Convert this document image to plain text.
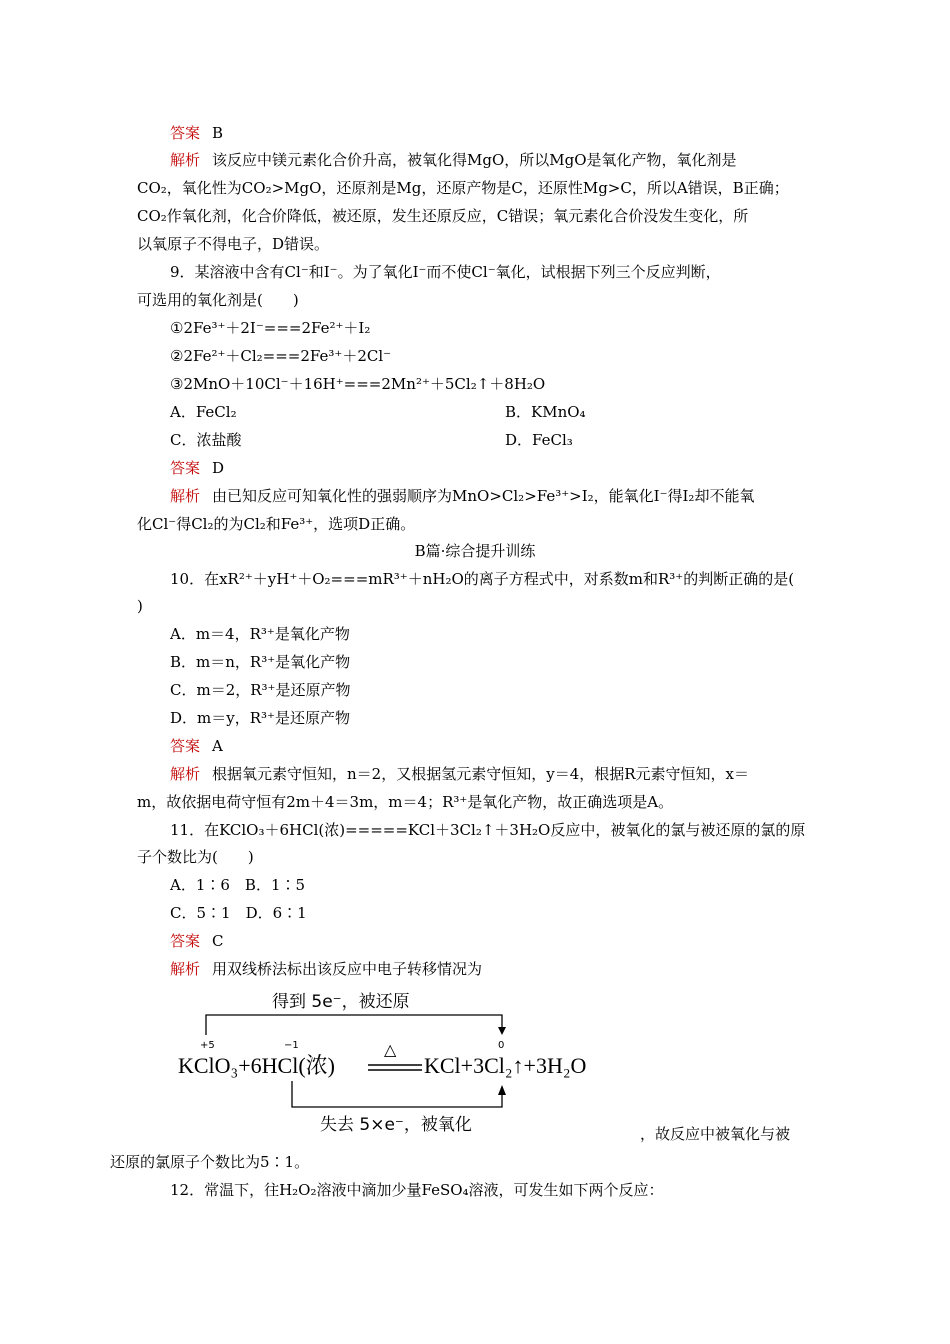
答案 B
解析 该反应中镁元素化合价升高，被氧化得MgO，所以MgO是氧化产物，氧化剂是
CO₂，氧化性为CO₂>MgO，还原剂是Mg，还原产物是C，还原性Mg>C，所以A错误，B正确；
CO₂作氧化剂，化合价降低，被还原，发生还原反应，C错误；氧元素化合价没发生变化，所
以氧原子不得电子，D错误。
9．某溶液中含有Cl⁻和I⁻。为了氧化I⁻而不使Cl⁻氧化，试根据下列三个反应判断，
可选用的氧化剂是(　　)
①2Fe³⁺＋2I⁻===2Fe²⁺＋I₂
②2Fe²⁺＋Cl₂===2Fe³⁺＋2Cl⁻
③2MnO＋10Cl⁻＋16H⁺===2Mn²⁺＋5Cl₂↑＋8H₂O
A．FeCl₂	B．KMnO₄
C．浓盐酸	D．FeCl₃
答案 D
解析 由已知反应可知氧化性的强弱顺序为MnO>Cl₂>Fe³⁺>I₂，能氧化I⁻得I₂却不能氧
化Cl⁻得Cl₂的为Cl₂和Fe³⁺，选项D正确。
B篇·综合提升训练
10．在xR²⁺＋yH⁺＋O₂===mR³⁺＋nH₂O的离子方程式中，对系数m和R³⁺的判断正确的是(
)
A．m＝4，R³⁺是氧化产物
B．m＝n，R³⁺是氧化产物
C．m＝2，R³⁺是还原产物
D．m＝y，R³⁺是还原产物
答案 A
解析 根据氧元素守恒知，n＝2，又根据氢元素守恒知，y＝4，根据R元素守恒知，x＝
m，故依据电荷守恒有2m＋4＝3m，m＝4；R³⁺是氧化产物，故正确选项是A。
11．在KClO₃＋6HCl(浓)=====KCl＋3Cl₂↑＋3H₂O反应中，被氧化的氯与被还原的氯的原
子个数比为(　　)
A．1∶6　B．1∶5
C．5∶1　D．6∶1
答案 C
解析 用双线桥法标出该反应中电子转移情况为
得到 5e⁻，被还原
+5	−1	0
KClO₃+6HCl(浓)
△
KCl+3Cl₂↑+3H₂O
失去 5×e⁻，被氧化	，故反应中被氧化与被
还原的氯原子个数比为5∶1。
12．常温下，往H₂O₂溶液中滴加少量FeSO₄溶液，可发生如下两个反应：
